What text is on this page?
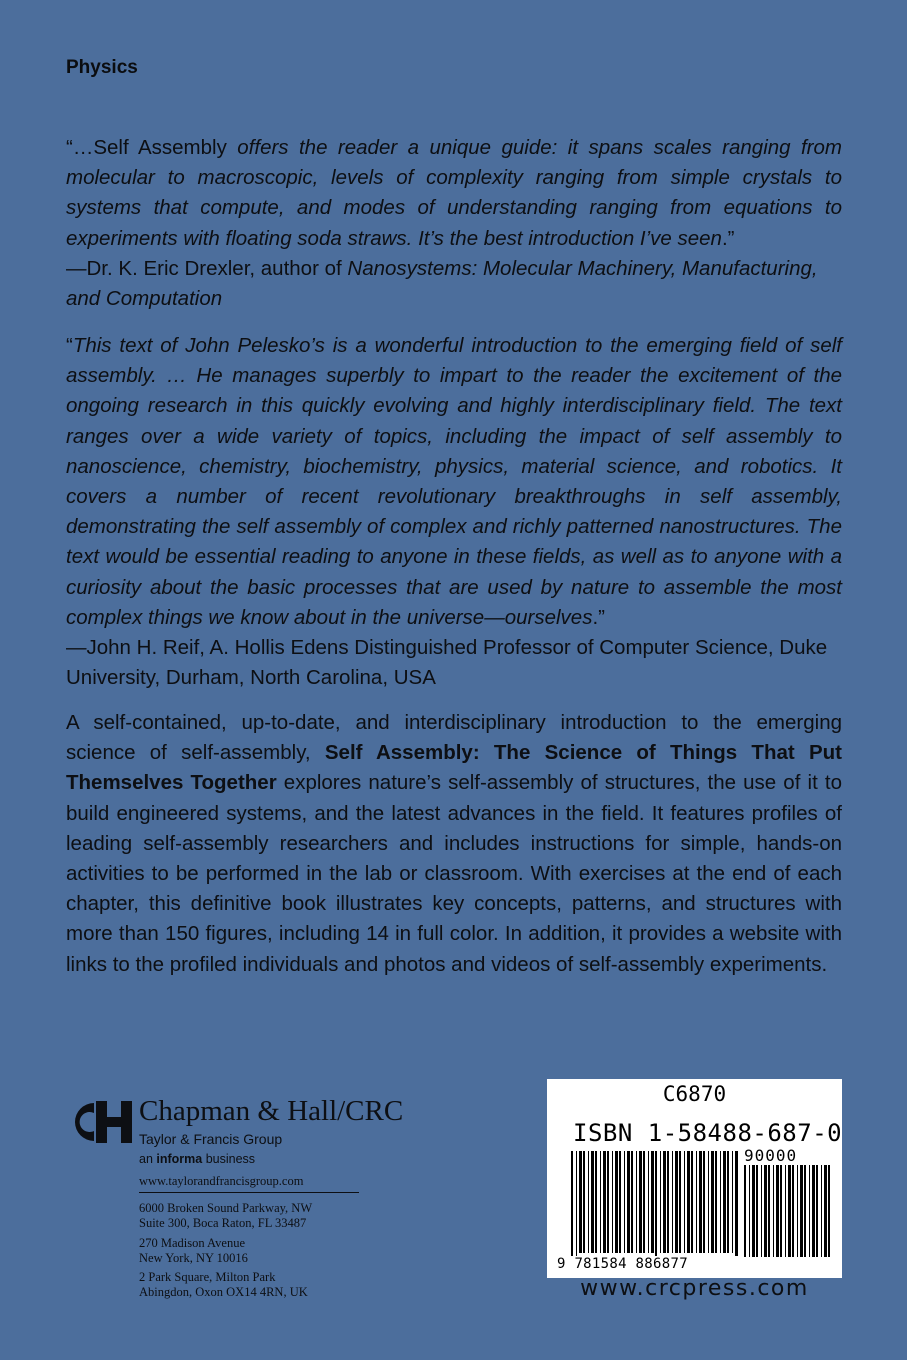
Physics
“…Self Assembly offers the reader a unique guide: it spans scales ranging from molecular to macroscopic, levels of complexity ranging from simple crystals to systems that compute, and modes of understanding ranging from equations to experiments with floating soda straws. It’s the best introduction I’ve seen.”
—Dr. K. Eric Drexler, author of Nanosystems: Molecular Machinery, Manufacturing, and Computation
“This text of John Pelesko’s is a wonderful introduction to the emerging field of self assembly. … He manages superbly to impart to the reader the excitement of the ongoing research in this quickly evolving and highly interdisciplinary field. The text ranges over a wide variety of topics, including the impact of self assembly to nanoscience, chemistry, biochemistry, physics, material science, and robotics. It covers a number of recent revolutionary breakthroughs in self assembly, demonstrating the self assembly of complex and richly patterned nanostructures. The text would be essential reading to anyone in these fields, as well as to anyone with a curiosity about the basic processes that are used by nature to assemble the most complex things we know about in the universe—ourselves.”
—John H. Reif, A. Hollis Edens Distinguished Professor of Computer Science, Duke University, Durham, North Carolina, USA
A self-contained, up-to-date, and interdisciplinary introduction to the emerging science of self-assembly, Self Assembly: The Science of Things That Put Themselves Together explores nature’s self-assembly of structures, the use of it to build engineered systems, and the latest advances in the field. It features profiles of leading self-assembly researchers and includes instructions for simple, hands-on activities to be performed in the lab or classroom. With exercises at the end of each chapter, this definitive book illustrates key concepts, patterns, and structures with more than 150 figures, including 14 in full color. In addition, it provides a website with links to the profiled individuals and photos and videos of self-assembly experiments.
Chapman & Hall/CRC
Taylor & Francis Group
an informa business
www.taylorandfrancisgroup.com
6000 Broken Sound Parkway, NW
Suite 300, Boca Raton, FL 33487
270 Madison Avenue
New York, NY 10016
2 Park Square, Milton Park
Abingdon, Oxon OX14 4RN, UK
C6870
ISBN 1-58488-687-0
9 781584 886877
90000
www.crcpress.com
